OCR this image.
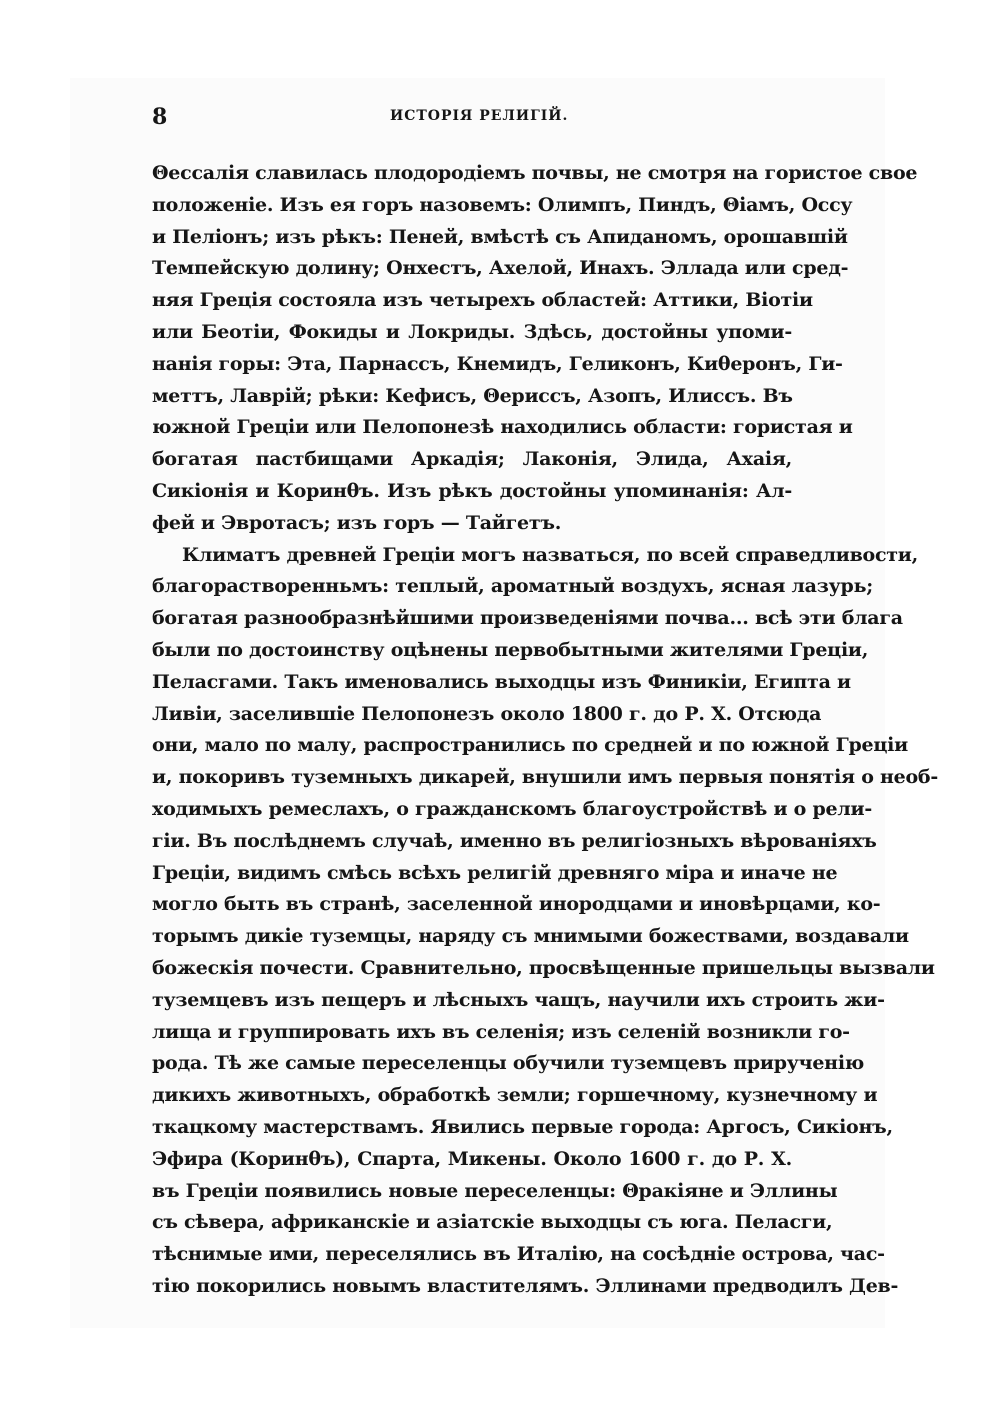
8	ИСТОРІЯ РЕЛИГІЙ.
Θессалія славилась плодородіемъ почвы, не смотря на гористое свое
положеніе. Изъ ея горъ назовемъ: Олимпъ, Пиндъ, Θіамъ, Оссу
и Пеліонъ; изъ рѣкъ: Пеней, вмѣстѣ съ Апиданомъ, орошавшій
Темпейскую долину; Онхестъ, Ахелой, Инахъ. Эллада или сред-
няя Греція состояла изъ четырехъ областей: Аттики, Віотіи
или Беотіи, Фокиды и Локриды. Здѣсь, достойны упоми-
нанія горы: Эта, Парнассъ, Кнемидъ, Геликонъ, Киθеронъ, Ги-
меттъ, Лаврій; рѣки: Кефисъ, Θериссъ, Азопъ, Илиссъ. Въ
южной Греціи или Пелопонезѣ находились области: гористая и
богатая пастбищами Аркадія; Лаконія, Элида, Ахаія,
Сикіонія и Коринθъ. Изъ рѣкъ достойны упоминанія: Ал-
фей и Эвротасъ; изъ горъ — Тайгетъ.
Климатъ древней Греціи могъ назваться, по всей справедливости,
благорастворенньмъ: теплый, ароматный воздухъ, ясная лазурь;
богатая разнообразнѣйшими произведеніями почва... всѣ эти блага
были по достоинству оцѣнены первобытными жителями Греціи,
Пеласгами. Такъ именовались выходцы изъ Финикіи, Египта и
Ливіи, заселившіе Пелопонезъ около 1800 г. до Р. Х. Отсюда
они, мало по малу, распространились по средней и по южной Греціи
и, покоривъ туземныхъ дикарей, внушили имъ первыя понятія о необ-
ходимыхъ ремеслахъ, о гражданскомъ благоустройствѣ и о рели-
гіи. Въ послѣднемъ случаѣ, именно въ религіозныхъ вѣрованіяхъ
Греціи, видимъ смѣсь всѣхъ религій древняго міра и иначе не
могло быть въ странѣ, заселенной инородцами и иновѣрцами, ко-
торымъ дикіе туземцы, наряду съ мнимыми божествами, воздавали
божескія почести. Сравнительно, просвѣщенные пришельцы вызвали
туземцевъ изъ пещеръ и лѣсныхъ чащъ, научили ихъ строить жи-
лища и группировать ихъ въ селенія; изъ селеній возникли го-
рода. Тѣ же самые переселенцы обучили туземцевъ прирученію
дикихъ животныхъ, обработкѣ земли; горшечному, кузнечному и
ткацкому мастерствамъ. Явились первые города: Аргосъ, Сикіонъ,
Эфира (Коринθъ), Спарта, Микены. Около 1600 г. до Р. Х.
въ Греціи появились новые переселенцы: Θракіяне и Эллины
съ сѣвера, африканскіе и азіатскіе выходцы съ юга. Пеласги,
тѣснимые ими, переселялись въ Италію, на сосѣдніе острова, час-
тію покорились новымъ властителямъ. Эллинами предводилъ Дев-
